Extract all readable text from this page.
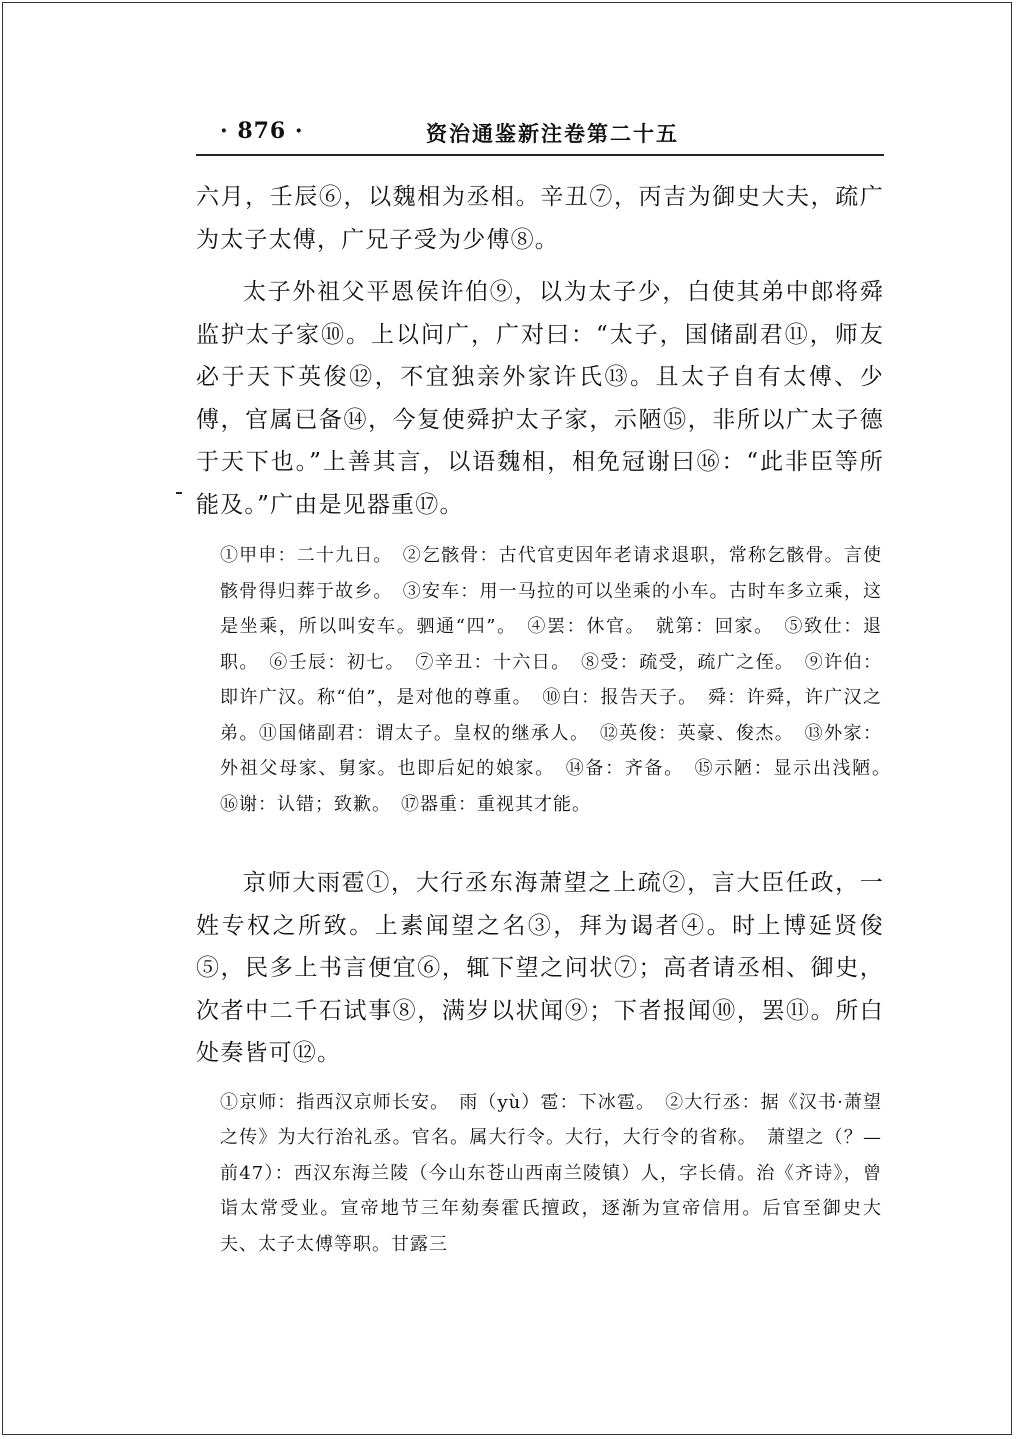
· 876 ·	资治通鉴新注卷第二十五

六月，壬辰⑥，以魏相为丞相。辛丑⑦，丙吉为御史大夫，疏广为太子太傅，广兄子受为少傅⑧。

太子外祖父平恩侯许伯⑨，以为太子少，白使其弟中郎将舜监护太子家⑩。上以问广，广对曰：“太子，国储副君⑪，师友必于天下英俊⑫，不宜独亲外家许氏⑬。且太子自有太傅、少傅，官属已备⑭，今复使舜护太子家，示陋⑮，非所以广太子德于天下也。”上善其言，以语魏相，相免冠谢曰⑯：“此非臣等所能及。”广由是见器重⑰。

①甲申：二十九日。　②乞骸骨：古代官吏因年老请求退职，常称乞骸骨。言使骸骨得归葬于故乡。　③安车：用一马拉的可以坐乘的小车。古时车多立乘，这是坐乘，所以叫安车。驷通“四”。　④罢：休官。　就第：回家。　⑤致仕：退职。　⑥壬辰：初七。　⑦辛丑：十六日。　⑧受：疏受，疏广之侄。　⑨许伯：即许广汉。称“伯”，是对他的尊重。　⑩白：报告天子。　舜：许舜，许广汉之弟。⑪国储副君：谓太子。皇权的继承人。　⑫英俊：英豪、俊杰。　⑬外家：外祖父母家、舅家。也即后妃的娘家。　⑭备：齐备。　⑮示陋：显示出浅陋。　⑯谢：认错；致歉。　⑰器重：重视其才能。

京师大雨雹①，大行丞东海萧望之上疏②，言大臣任政，一姓专权之所致。上素闻望之名③，拜为谒者④。时上博延贤俊⑤，民多上书言便宜⑥，辄下望之问状⑦；高者请丞相、御史，次者中二千石试事⑧，满岁以状闻⑨；下者报闻⑩，罢⑪。所白处奏皆可⑫。

①京师：指西汉京师长安。　雨（yù）雹：下冰雹。　②大行丞：据《汉书·萧望之传》为大行治礼丞。官名。属大行令。大行，大行令的省称。　萧望之（？—前47）：西汉东海兰陵（今山东苍山西南兰陵镇）人，字长倩。治《齐诗》，曾诣太常受业。宣帝地节三年劾奏霍氏擅政，逐渐为宣帝信用。后官至御史大夫、太子太傅等职。甘露三
